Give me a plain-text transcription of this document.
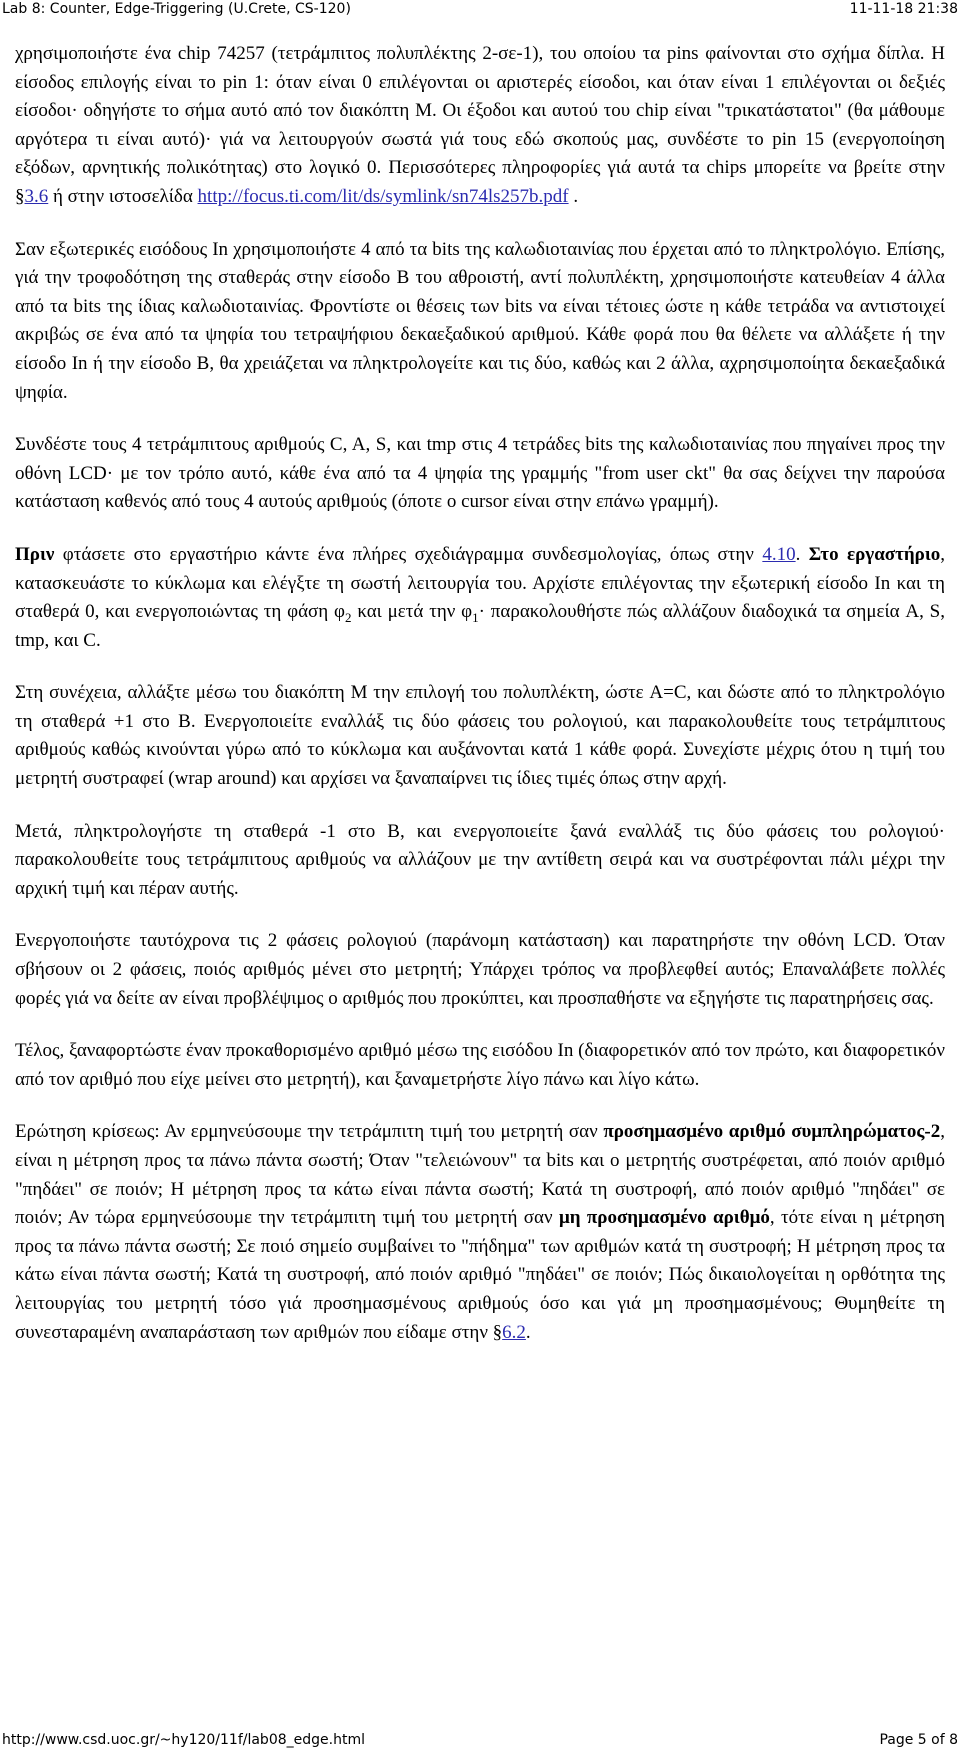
Lab 8: Counter, Edge-Triggering (U.Crete, CS-120)	11-11-18 21:38

χρησιμοποιήστε ένα chip 74257 (τετράμπιτος πολυπλέκτης 2-σε-1), του οποίου τα pins φαίνονται στο σχήμα δίπλα. Η είσοδος επιλογής είναι το pin 1: όταν είναι 0 επιλέγονται οι αριστερές είσοδοι, και όταν είναι 1 επιλέγονται οι δεξιές είσοδοι· οδηγήστε το σήμα αυτό από τον διακόπτη M. Οι έξοδοι και αυτού του chip είναι "τρικατάστατοι" (θα μάθουμε αργότερα τι είναι αυτό)· γιά να λειτουργούν σωστά γιά τους εδώ σκοπούς μας, συνδέστε το pin 15 (ενεργοποίηση εξόδων, αρνητικής πολικότητας) στο λογικό 0. Περισσότερες πληροφορίες γιά αυτά τα chips μπορείτε να βρείτε στην §3.6 ή στην ιστοσελίδα http://focus.ti.com/lit/ds/symlink/sn74ls257b.pdf .

Σαν εξωτερικές εισόδους In χρησιμοποιήστε 4 από τα bits της καλωδιοταινίας που έρχεται από το πληκτρολόγιο. Επίσης, γιά την τροφοδότηση της σταθεράς στην είσοδο B του αθροιστή, αντί πολυπλέκτη, χρησιμοποιήστε κατευθείαν 4 άλλα από τα bits της ίδιας καλωδιοταινίας. Φροντίστε οι θέσεις των bits να είναι τέτοιες ώστε η κάθε τετράδα να αντιστοιχεί ακριβώς σε ένα από τα ψηφία του τετραψήφιου δεκαεξαδικού αριθμού. Κάθε φορά που θα θέλετε να αλλάξετε ή την είσοδο In ή την είσοδο B, θα χρειάζεται να πληκτρολογείτε και τις δύο, καθώς και 2 άλλα, αχρησιμοποίητα δεκαεξαδικά ψηφία.

Συνδέστε τους 4 τετράμπιτους αριθμούς C, A, S, και tmp στις 4 τετράδες bits της καλωδιοταινίας που πηγαίνει προς την οθόνη LCD· με τον τρόπο αυτό, κάθε ένα από τα 4 ψηφία της γραμμής "from user ckt" θα σας δείχνει την παρούσα κατάσταση καθενός από τους 4 αυτούς αριθμούς (όποτε ο cursor είναι στην επάνω γραμμή).

Πριν φτάσετε στο εργαστήριο κάντε ένα πλήρες σχεδιάγραμμα συνδεσμολογίας, όπως στην 4.10. Στο εργαστήριο, κατασκευάστε το κύκλωμα και ελέγξτε τη σωστή λειτουργία του. Αρχίστε επιλέγοντας την εξωτερική είσοδο In και τη σταθερά 0, και ενεργοποιώντας τη φάση $\varphi_2$ και μετά την $\varphi_1\cdot \pi\alpha\rho\alpha\kappa o\lambda o\upsilon\theta ή\sigma\tau\varepsilon$ πώς αλλάζουν διαδοχικά τα σημεία A, S, tmp, και C.

Στη συνέχεια, αλλάξτε μέσω του διακόπτη M την επιλογή του πολυπλέκτη, ώστε A=C, και δώστε από το πληκτρολόγιο τη σταθερά +1 στο B. Ενεργοποιείτε εναλλάξ τις δύο φάσεις του ρολογιού, και παρακολουθείτε τους τετράμπιτους αριθμούς καθώς κινούνται γύρω από το κύκλωμα και αυξάνονται κατά 1 κάθε φορά. Συνεχίστε μέχρις ότου η τιμή του μετρητή συστραφεί (wrap around) και αρχίσει να ξαναπαίρνει τις ίδιες τιμές όπως στην αρχή.

Μετά, πληκτρολογήστε τη σταθερά -1 στο B, και ενεργοποιείτε ξανά εναλλάξ τις δύο φάσεις του ρολογιού· παρακολουθείτε τους τετράμπιτους αριθμούς να αλλάζουν με την αντίθετη σειρά και να συστρέφονται πάλι μέχρι την αρχική τιμή και πέραν αυτής.

Ενεργοποιήστε ταυτόχρονα τις 2 φάσεις ρολογιού (παράνομη κατάσταση) και παρατηρήστε την οθόνη LCD. Όταν σβήσουν οι 2 φάσεις, ποιός αριθμός μένει στο μετρητή; Υπάρχει τρόπος να προβλεφθεί αυτός; Επαναλάβετε πολλές φορές γιά να δείτε αν είναι προβλέψιμος ο αριθμός που προκύπτει, και προσπαθήστε να εξηγήστε τις παρατηρήσεις σας.

Τέλος, ξαναφορτώστε έναν προκαθορισμένο αριθμό μέσω της εισόδου In (διαφορετικόν από τον πρώτο, και διαφορετικόν από τον αριθμό που είχε μείνει στο μετρητή), και ξαναμετρήστε λίγο πάνω και λίγο κάτω.

Ερώτηση κρίσεως: Αν ερμηνεύσουμε την τετράμπιτη τιμή του μετρητή σαν προσημασμένο αριθμό συμπληρώματος-2, είναι η μέτρηση προς τα πάνω πάντα σωστή; Όταν "τελειώνουν" τα bits και ο μετρητής συστρέφεται, από ποιόν αριθμό "πηδάει" σε ποιόν; Η μέτρηση προς τα κάτω είναι πάντα σωστή; Κατά τη συστροφή, από ποιόν αριθμό "πηδάει" σε ποιόν; Αν τώρα ερμηνεύσουμε την τετράμπιτη τιμή του μετρητή σαν μη προσημασμένο αριθμό, τότε είναι η μέτρηση προς τα πάνω πάντα σωστή; Σε ποιό σημείο συμβαίνει το "πήδημα" των αριθμών κατά τη συστροφή; Η μέτρηση προς τα κάτω είναι πάντα σωστή; Κατά τη συστροφή, από ποιόν αριθμό "πηδάει" σε ποιόν; Πώς δικαιολογείται η ορθότητα της λειτουργίας του μετρητή τόσο γιά προσημασμένους αριθμούς όσο και γιά μη προσημασμένους; Θυμηθείτε τη συνεσταραμένη αναπαράσταση των αριθμών που είδαμε στην §6.2.

http://www.csd.uoc.gr/~hy120/11f/lab08_edge.html	Page 5 of 8
